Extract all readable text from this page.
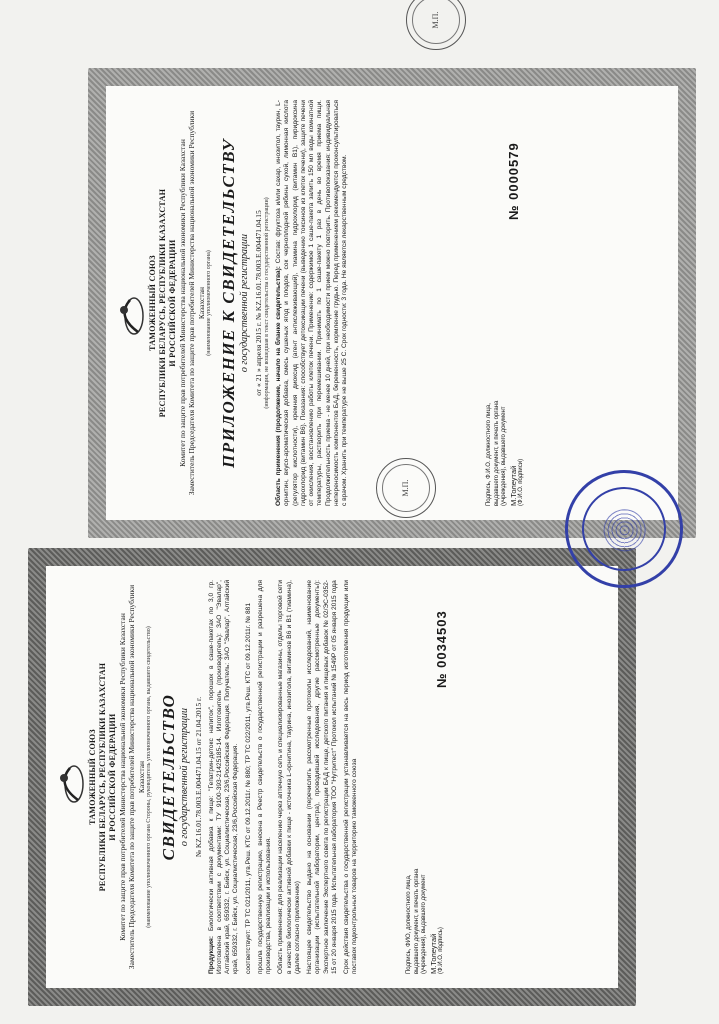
ТАМОЖЕННЫЙ СОЮЗ РЕСПУБЛИКИ БЕЛАРУСЬ, РЕСПУБЛИКИ КАЗАХСТАН И РОССИЙСКОЙ ФЕДЕРАЦИИ Комитет по защите прав потребителей Министерства национальной экономики Республики Казахстан Заместитель Председателя Комитета по защите прав потребителей Министерства национальной экономики Республики Казахстан (наименование уполномоченного органа) ПРИЛОЖЕНИЕ К СВИДЕТЕЛЬСТВУ о государственной регистрации от « 21 » апреля 2015 г. № KZ.16.01.78.003.E.004471.04.15 (информация, не вошедшая в текст свидетельства о государственной регистрации) Область применения (продолжение, начало на бланке свидетельства): Состав: фруктоза и/или сахар, инозитол, таурин, L-орнитин, вкусо-ароматическая добавка, смесь сушеных ягод и плодов, сок черноплодной рябины сухой, лимонная кислота (регулятор кислотности), кремния диоксид (агент антислеживающий), тиамина гидрохлорид (витамин В1), пиридоксина гидрохлорид (витамин В6). Показания: способствует детоксикации печени (выведению токсинов из клеток печени), защите печени от окисления, восстановлению работы клеток печени. Применение: содержимое 1 саше-пакета залить 150 мл воды комнатной температуры, растворить при перемешивании. Принимать по 1 саше-пакету 1 раз в день во время приема пищи. Продолжительность приема - не менее 10 дней, при необходимости прием можно повторить. Противопоказания: индивидуальная непереносимость компонентов БАД, беременность, кормление грудью. Перед применением рекомендуется проконсультироваться с врачом. Хранить при температуре не выше 25 С. Срок годности: 3 года. Не является лекарственным средством.	Подпись, Ф.И.О. должностного лица, выдавшего документ, и печать органа (учреждения), выдавшего документ М.Толеутай (Ф.И.О. подписи)
М.П.
№ 0000579
ТАМОЖЕННЫЙ СОЮЗ РЕСПУБЛИКИ БЕЛАРУСЬ, РЕСПУБЛИКИ КАЗАХСТАН И РОССИЙСКОЙ ФЕДЕРАЦИИ Комитет по защите прав потребителей Министерства национальной экономики Республики Казахстан Заместитель Председателя Комитета по защите прав потребителей Министерства национальной экономики Республики Казахстан (наименование уполномоченного органа Стороны, руководитель уполномоченного органа, выдавшего свидетельство) СВИДЕТЕЛЬСТВО о государственной регистрации № KZ.16.01.78.003.E.004471.04.15 от 21.04.2015 г.
Продукция: Биологически активная добавка к пище: "Гепатрин-детокс напиток", порошок в саше-пакетах по 3,0 гр. Изготовлена в соответствии с документами: ТУ 9100-393-21425185-14. Изготовитель (производитель): ЗАО "Эвалар", Алтайский край, 659332, г. Бийск, ул. Социалистическая, 23/6,Российская Федерация. Получатель: ЗАО "Эвалар", Алтайский край, 659332, г. Бийск, ул. Социалистическая, 23/6,Российская Федерация. соответствует: ТР ТС 021/2011, утв.Реш. КТС от 09.12.2011г. № 880; ТР ТС 022/2011, утв.Реш. КТС от 09.12.2011г. № 881 прошла государственную регистрацию, внесена в Реестр свидетельств о государственной регистрации и разрешена для производства, реализации и использования. Область применения: для реализации населению через аптечную сеть и специализированные магазины, отделы торговой сети в качестве биологически активной добавки к пище - источника L-орнитина, таурина, инозитола, витаминов В6 и В1 (тиамина), (далее согласно приложению) Настоящее свидетельство выдано на основании (перечислить рассмотренные протоколы исследований, наименование организации (испытательной лаборатории, центра), проводившей исследования, другие рассмотренные документы): Экспертное заключение Экспертного совета по регистрации БАД к пище, детского питания и пищевых добавок № 02/ЭС-0352-15 от 20 января 2015 года. Испытательная лаборатория ТОО "Нутритест" Протокол испытаний № 1549Р от 05 января 2015 года Срок действия свидетельства о государственной регистрации устанавливается на весь период изготовления продукции или поставок подконтрольных товаров на территорию таможенного союза	Подпись, ФИО, должностного лица, выдавшего документ, и печать органа (учреждения), выдавшего документ М.Толеутай (Ф.И.О. подпись)
М.П.
№ 0034503
